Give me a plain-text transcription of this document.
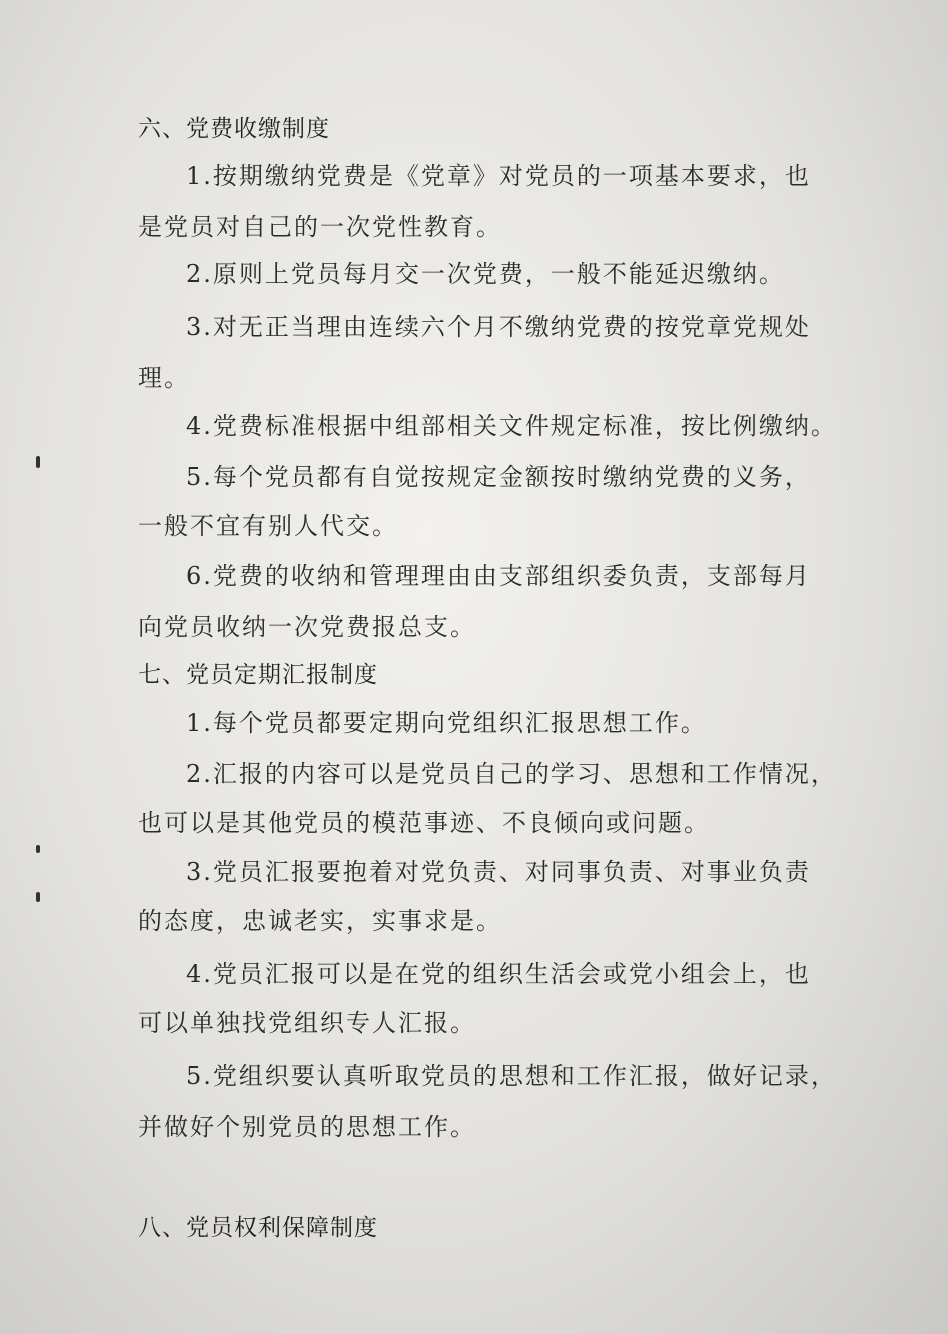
六、党费收缴制度
1.按期缴纳党费是《党章》对党员的一项基本要求，也
是党员对自己的一次党性教育。
2.原则上党员每月交一次党费，一般不能延迟缴纳。
3.对无正当理由连续六个月不缴纳党费的按党章党规处
理。
4.党费标准根据中组部相关文件规定标准，按比例缴纳。
5.每个党员都有自觉按规定金额按时缴纳党费的义务，
一般不宜有别人代交。
6.党费的收纳和管理理由由支部组织委负责，支部每月
向党员收纳一次党费报总支。
七、党员定期汇报制度
1.每个党员都要定期向党组织汇报思想工作。
2.汇报的内容可以是党员自己的学习、思想和工作情况，
也可以是其他党员的模范事迹、不良倾向或问题。
3.党员汇报要抱着对党负责、对同事负责、对事业负责
的态度，忠诚老实，实事求是。
4.党员汇报可以是在党的组织生活会或党小组会上，也
可以单独找党组织专人汇报。
5.党组织要认真听取党员的思想和工作汇报，做好记录，
并做好个别党员的思想工作。
八、党员权利保障制度
